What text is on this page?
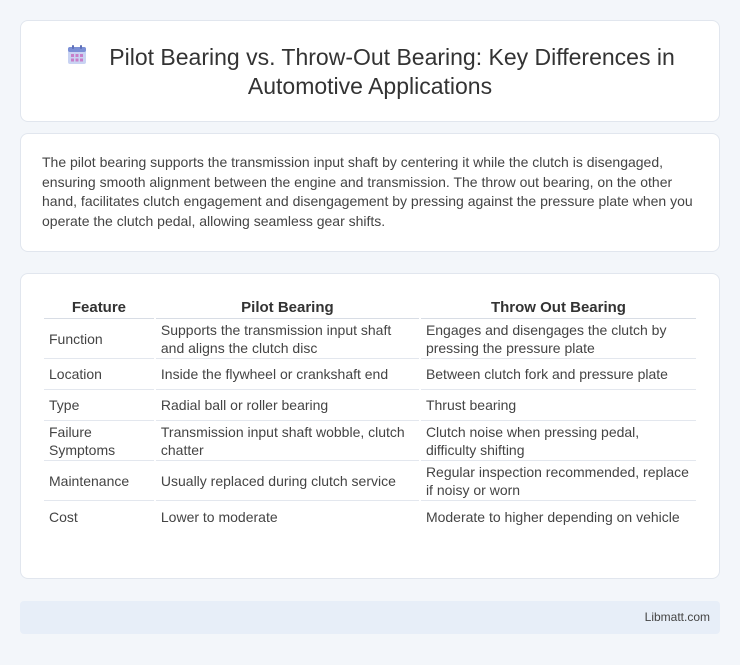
Pilot Bearing vs. Throw-Out Bearing: Key Differences in Automotive Applications

The pilot bearing supports the transmission input shaft by centering it while the clutch is disengaged, ensuring smooth alignment between the engine and transmission. The throw out bearing, on the other hand, facilitates clutch engagement and disengagement by pressing against the pressure plate when you operate the clutch pedal, allowing seamless gear shifts.

Feature	Pilot Bearing	Throw Out Bearing
Function	Supports the transmission input shaft and aligns the clutch disc	Engages and disengages the clutch by pressing the pressure plate
Location	Inside the flywheel or crankshaft end	Between clutch fork and pressure plate
Type	Radial ball or roller bearing	Thrust bearing
Failure Symptoms	Transmission input shaft wobble, clutch chatter	Clutch noise when pressing pedal, difficulty shifting
Maintenance	Usually replaced during clutch service	Regular inspection recommended, replace if noisy or worn
Cost	Lower to moderate	Moderate to higher depending on vehicle
Libmatt.com
